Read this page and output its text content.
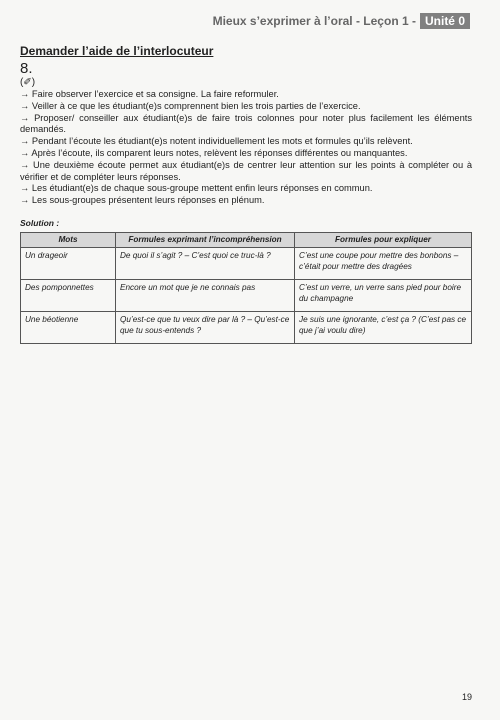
Mieux s’exprimer à l’oral - Leçon 1 - Unité 0
Demander l’aide de l’interlocuteur
8.
(✐)

→ Faire observer l’exercice et sa consigne. La faire reformuler.

→ Veiller à ce que les étudiant(e)s comprennent bien les trois parties de l’exercice.

→ Proposer/ conseiller aux étudiant(e)s de faire trois colonnes pour noter plus facilement les éléments demandés.

→ Pendant l’écoute les étudiant(e)s notent individuellement les mots et formules qu’ils relèvent.

→ Après l’écoute, ils comparent leurs notes, relèvent les réponses différentes ou manquantes.

→ Une deuxième écoute permet aux étudiant(e)s de centrer leur attention sur les points à compléter ou à vérifier et de compléter leurs réponses.

→ Les étudiant(e)s de chaque sous-groupe mettent enfin leurs réponses en commun.

→ Les sous-groupes présentent leurs réponses en plénum.

Solution :
Mots	Formules exprimant l’incompréhension	Formules pour expliquer
Un drageoir	De quoi il s’agit ? – C’est quoi ce truc-là ?	C’est une coupe pour mettre des bonbons – c’était pour mettre des dragées
Des pomponnettes	Encore un mot que je ne connais pas	C’est un verre, un verre sans pied pour boire du champagne
Une béotienne	Qu’est-ce que tu veux dire par là ? – Qu’est-ce que tu sous-entends ?	Je suis une ignorante, c’est ça ? (C’est pas ce que j’ai voulu dire)
19
